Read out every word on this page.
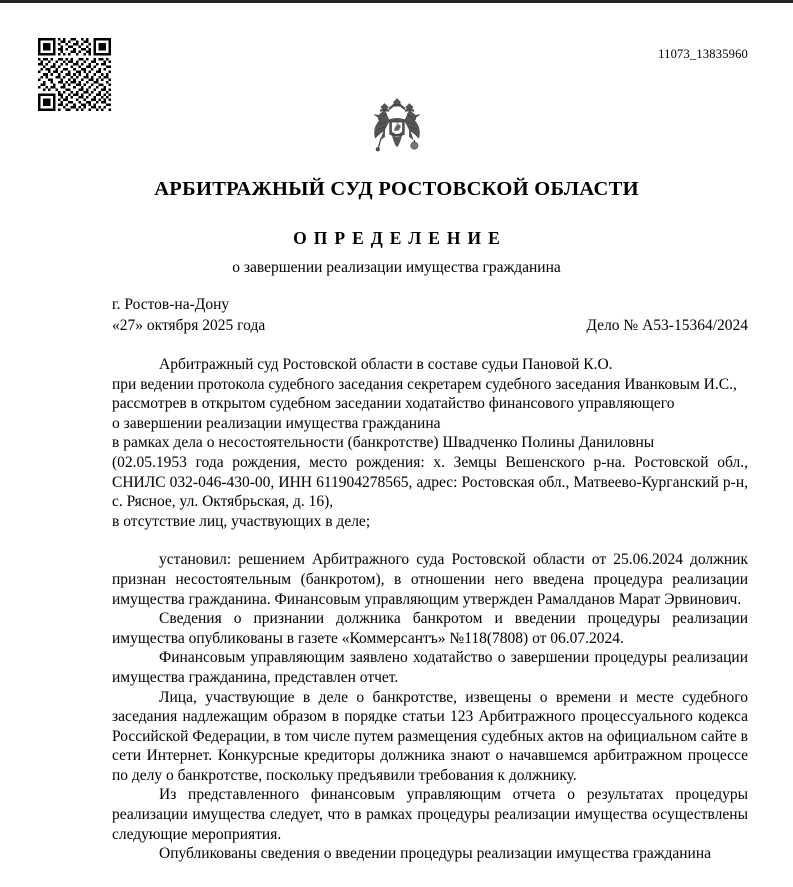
11073_13835960
АРБИТРАЖНЫЙ СУД РОСТОВСКОЙ ОБЛАСТИ
ОПРЕДЕЛЕНИЕ
о завершении реализации имущества гражданина
г. Ростов-на-Дону
«27» октября 2025 года	Дело № А53-15364/2024

Арбитражный суд Ростовской области в составе судьи Пановой К.О.

при ведении протокола судебного заседания секретарем судебного заседания Иванковым И.С.,

рассмотрев в открытом судебном заседании ходатайство финансового управляющего

о завершении реализации имущества гражданина

в рамках дела о несостоятельности (банкротстве) Швадченко Полины Даниловны

(02.05.1953 года рождения, место рождения: х. Земцы Вешенского р-на. Ростовской обл., СНИЛС 032-046-430-00, ИНН 611904278565, адрес: Ростовская обл., Матвеево-Курганский р-н, с. Рясное, ул. Октябрьская, д. 16),

в отсутствие лиц, участвующих в деле;

установил: решением Арбитражного суда Ростовской области от 25.06.2024 должник признан несостоятельным (банкротом), в отношении него введена процедура реализации имущества гражданина. Финансовым управляющим утвержден Рамалданов Марат Эрвинович.

Сведения о признании должника банкротом и введении процедуры реализации имущества опубликованы в газете «Коммерсантъ» №118(7808) от 06.07.2024.

Финансовым управляющим заявлено ходатайство о завершении процедуры реализации имущества гражданина, представлен отчет.

Лица, участвующие в деле о банкротстве, извещены о времени и месте судебного заседания надлежащим образом в порядке статьи 123 Арбитражного процессуального кодекса Российской Федерации, в том числе путем размещения судебных актов на официальном сайте в сети Интернет. Конкурсные кредиторы должника знают о начавшемся арбитражном процессе по делу о банкротстве, поскольку предъявили требования к должнику.

Из представленного финансовым управляющим отчета о результатах процедуры реализации имущества следует, что в рамках процедуры реализации имущества осуществлены следующие мероприятия.

Опубликованы сведения о введении процедуры реализации имущества гражданина
